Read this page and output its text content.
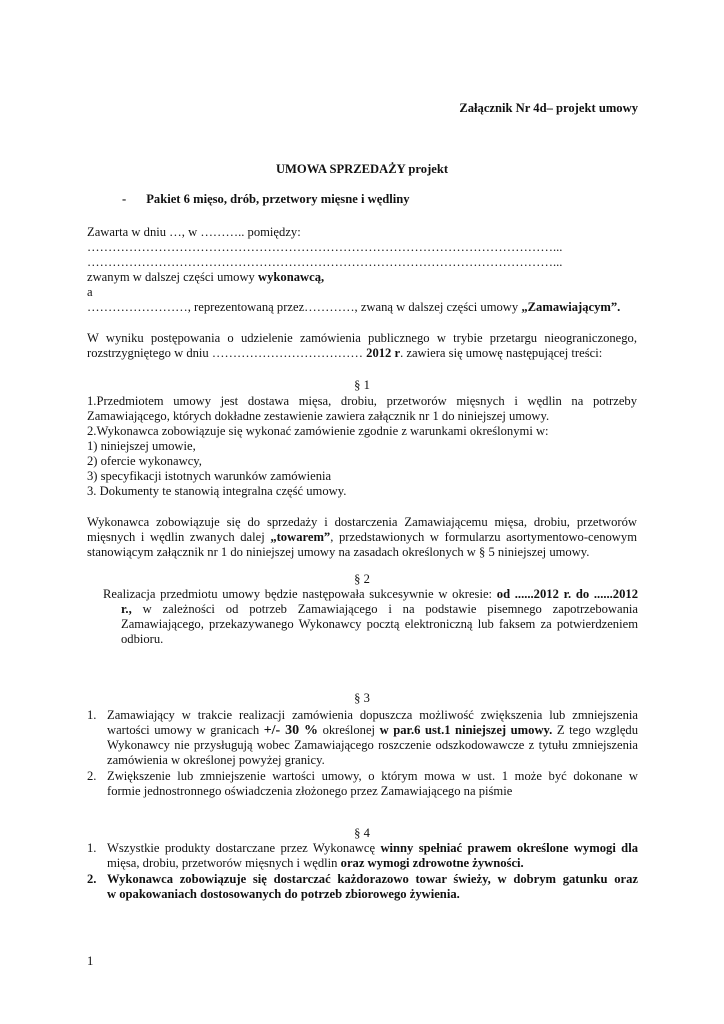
Załącznik Nr 4d– projekt umowy
UMOWA SPRZEDAŻY projekt
- Pakiet 6 mięso, drób, przetwory mięsne i wędliny
Zawarta w dniu …, w ……….. pomiędzy:
…………………………………………………………………………………………………...
…………………………………………………………………………………………………...
zwanym w dalszej części umowy wykonawcą,
a
……………………, reprezentowaną przez…………, zwaną w dalszej części umowy „Zamawiającym”.
W wyniku postępowania o udzielenie zamówienia publicznego w trybie przetargu nieograniczonego,
rozstrzygniętego w dniu ……………………………… 2012 r. zawiera się umowę następującej treści:
§ 1
1.Przedmiotem umowy jest dostawa mięsa, drobiu, przetworów mięsnych i wędlin na potrzeby
Zamawiającego, których dokładne zestawienie zawiera załącznik nr 1 do niniejszej umowy.
2.Wykonawca zobowiązuje się wykonać zamówienie zgodnie z warunkami określonymi w:
1) niniejszej umowie,
2) ofercie wykonawcy,
3) specyfikacji istotnych warunków zamówienia
3. Dokumenty te stanowią integralna część umowy.
Wykonawca zobowiązuje się do sprzedaży i dostarczenia Zamawiającemu mięsa, drobiu, przetworów
mięsnych i wędlin zwanych dalej „towarem”, przedstawionych w formularzu asortymentowo-cenowym
stanowiącym załącznik nr 1 do niniejszej umowy na zasadach określonych w § 5 niniejszej umowy.
§ 2
Realizacja przedmiotu umowy będzie następowała sukcesywnie w okresie: od ......2012 r. do ......2012
r., w zależności od potrzeb Zamawiającego i na podstawie pisemnego zapotrzebowania
Zamawiającego, przekazywanego Wykonawcy pocztą elektroniczną lub faksem za potwierdzeniem
odbioru.
§ 3
1. Zamawiający w trakcie realizacji zamówienia dopuszcza możliwość zwiększenia lub zmniejszenia
wartości umowy w granicach +/- 30 % określonej w par.6 ust.1 niniejszej umowy. Z tego względu
Wykonawcy nie przysługują wobec Zamawiającego roszczenie odszkodowawcze z tytułu zmniejszenia
zamówienia w określonej powyżej granicy.
2. Zwiększenie lub zmniejszenie wartości umowy, o którym mowa w ust. 1 może być dokonane w
formie jednostronnego oświadczenia złożonego przez Zamawiającego na piśmie
§ 4
1. Wszystkie produkty dostarczane przez Wykonawcę winny spełniać prawem określone wymogi dla
mięsa, drobiu, przetworów mięsnych i wędlin oraz wymogi zdrowotne żywności.
2. Wykonawca zobowiązuje się dostarczać każdorazowo towar świeży, w dobrym gatunku oraz
w opakowaniach dostosowanych do potrzeb zbiorowego żywienia.
1
